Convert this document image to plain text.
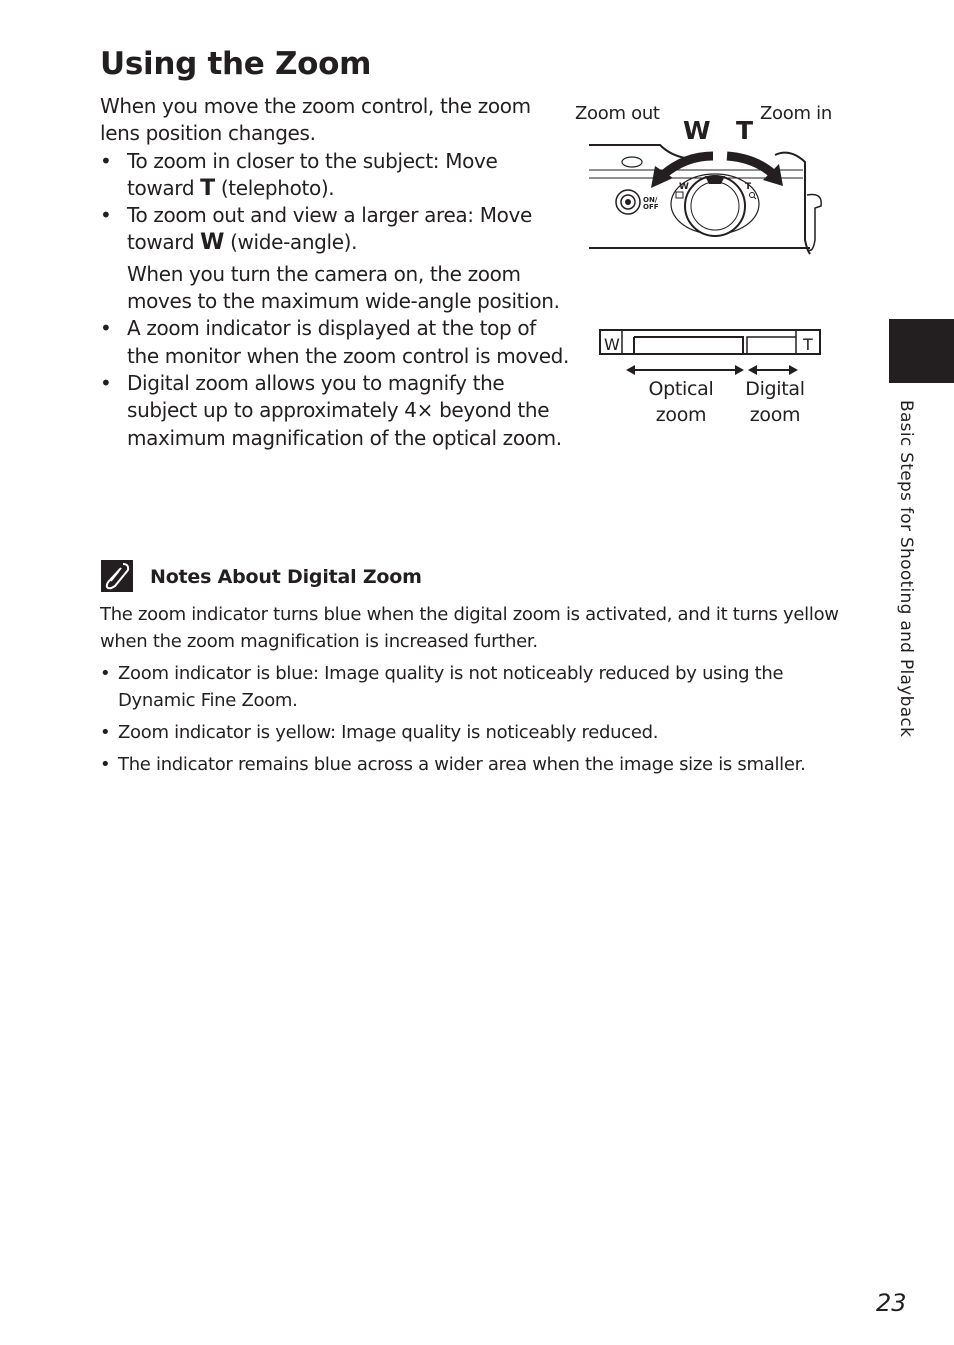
Using the Zoom

When you move the zoom control, the zoom lens position changes.

• To zoom in closer to the subject: Move toward T (telephoto).
• To zoom out and view a larger area: Move toward W (wide-angle).

When you turn the camera on, the zoom moves to the maximum wide-angle position.

• A zoom indicator is displayed at the top of the monitor when the zoom control is moved.
• Digital zoom allows you to magnify the subject up to approximately 4× beyond the maximum magnification of the optical zoom.
Zoom out	Zoom in
W T
ON/
OFF
W	T
W	T
Optical
zoom
Digital
zoom
Notes About Digital Zoom

The zoom indicator turns blue when the digital zoom is activated, and it turns yellow when the zoom magnification is increased further.

• Zoom indicator is blue: Image quality is not noticeably reduced by using the Dynamic Fine Zoom.
• Zoom indicator is yellow: Image quality is noticeably reduced.
• The indicator remains blue across a wider area when the image size is smaller.
Basic Steps for Shooting and Playback
23
